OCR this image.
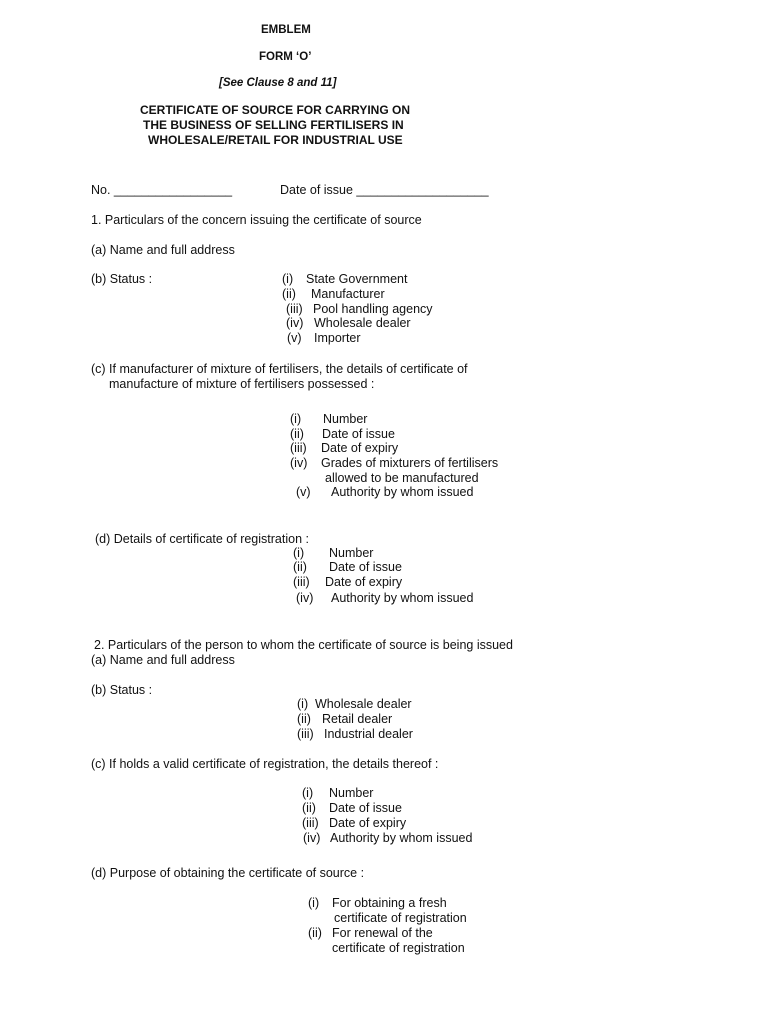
EMBLEM
FORM ‘O’
[See Clause 8 and 11]
CERTIFICATE OF SOURCE FOR CARRYING ON
THE BUSINESS OF SELLING FERTILISERS IN
WHOLESALE/RETAIL FOR INDUSTRIAL USE
No. _________________	Date of issue ___________________
1. Particulars of the concern issuing the certificate of source
(a) Name and full address
(b) Status :	(i) State Government
(ii) Manufacturer
(iii) Pool handling agency
(iv) Wholesale dealer
(v) Importer
(c) If manufacturer of mixture of fertilisers, the details of certificate of
manufacture of mixture of fertilisers possessed :
(i) Number
(ii) Date of issue
(iii) Date of expiry
(iv) Grades of mixturers of fertilisers
allowed to be manufactured
(v) Authority by whom issued
(d) Details of certificate of registration :
(i) Number
(ii) Date of issue
(iii) Date of expiry
(iv) Authority by whom issued
2. Particulars of the person to whom the certificate of source is being issued
(a) Name and full address
(b) Status :
(i) Wholesale dealer
(ii) Retail dealer
(iii) Industrial dealer
(c) If holds a valid certificate of registration, the details thereof :
(i) Number
(ii) Date of issue
(iii) Date of expiry
(iv) Authority by whom issued
(d) Purpose of obtaining the certificate of source :
(i) For obtaining a fresh
certificate of registration
(ii) For renewal of the
certificate of registration
